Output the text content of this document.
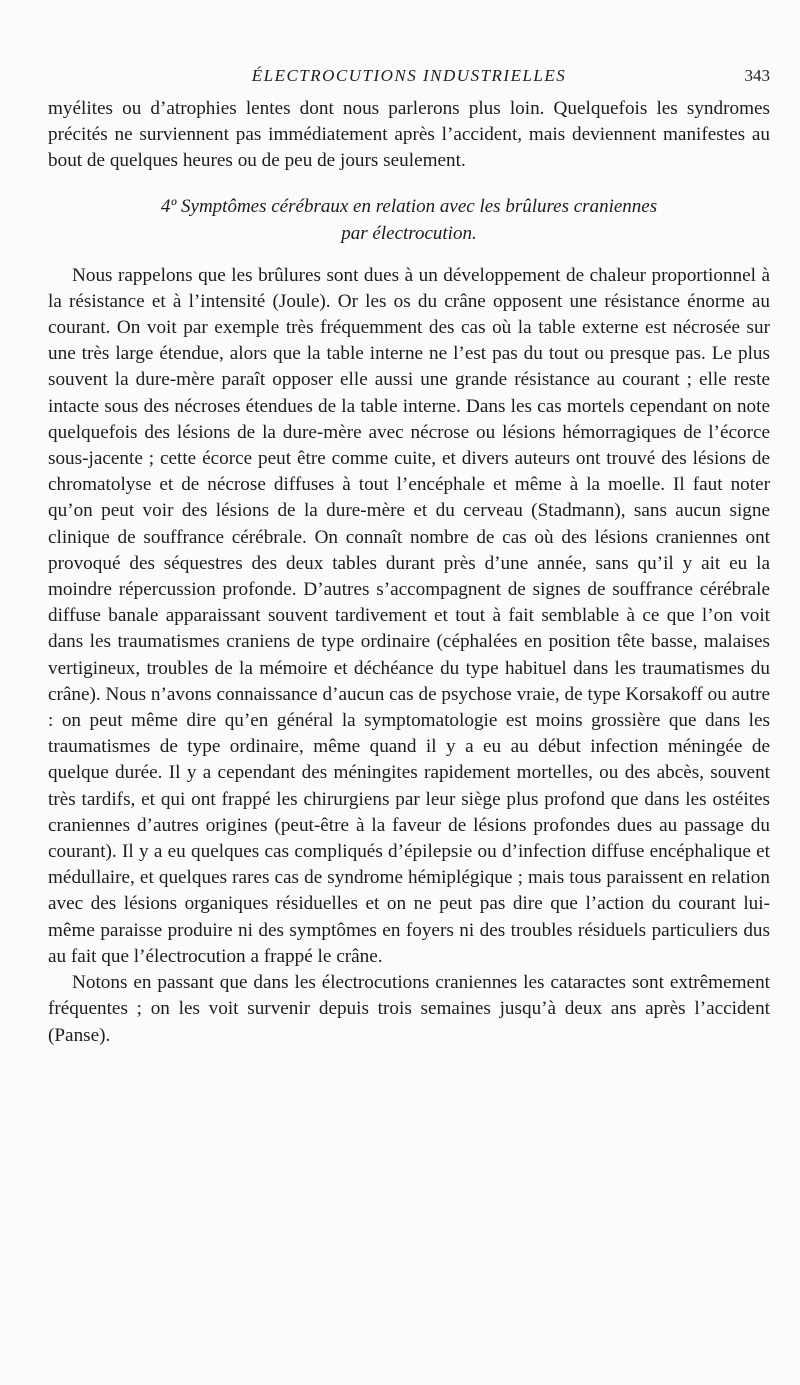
ÉLECTROCUTIONS INDUSTRIELLES	343

myélites ou d’atrophies lentes dont nous parlerons plus loin. Quelquefois les syndromes précités ne surviennent pas immédiatement après l’accident, mais deviennent manifestes au bout de quelques heures ou de peu de jours seulement.

4º Symptômes cérébraux en relation avec les brûlures craniennes
par électrocution.

Nous rappelons que les brûlures sont dues à un développement de chaleur proportionnel à la résistance et à l’intensité (Joule). Or les os du crâne opposent une résistance énorme au courant. On voit par exemple très fréquemment des cas où la table externe est nécrosée sur une très large étendue, alors que la table interne ne l’est pas du tout ou presque pas. Le plus souvent la dure-mère paraît opposer elle aussi une grande résistance au courant ; elle reste intacte sous des nécroses étendues de la table interne. Dans les cas mortels cependant on note quelquefois des lésions de la dure-mère avec nécrose ou lésions hémorragiques de l’écorce sous-jacente ; cette écorce peut être comme cuite, et divers auteurs ont trouvé des lésions de chromatolyse et de nécrose diffuses à tout l’encéphale et même à la moelle. Il faut noter qu’on peut voir des lésions de la dure-mère et du cerveau (Stadmann), sans aucun signe clinique de souffrance cérébrale. On connaît nombre de cas où des lésions craniennes ont provoqué des séquestres des deux tables durant près d’une année, sans qu’il y ait eu la moindre répercussion profonde. D’autres s’accompagnent de signes de souffrance cérébrale diffuse banale apparaissant souvent tardivement et tout à fait semblable à ce que l’on voit dans les traumatismes craniens de type ordinaire (céphalées en position tête basse, malaises vertigineux, troubles de la mémoire et déchéance du type habituel dans les traumatismes du crâne). Nous n’avons connaissance d’aucun cas de psychose vraie, de type Korsakoff ou autre : on peut même dire qu’en général la symptomatologie est moins grossière que dans les traumatismes de type ordinaire, même quand il y a eu au début infection méningée de quelque durée. Il y a cependant des méningites rapidement mortelles, ou des abcès, souvent très tardifs, et qui ont frappé les chirurgiens par leur siège plus profond que dans les ostéites craniennes d’autres origines (peut-être à la faveur de lésions profondes dues au passage du courant). Il y a eu quelques cas compliqués d’épilepsie ou d’infection diffuse encéphalique et médullaire, et quelques rares cas de syndrome hémiplégique ; mais tous paraissent en relation avec des lésions organiques résiduelles et on ne peut pas dire que l’action du courant lui-même paraisse produire ni des symptômes en foyers ni des troubles résiduels particuliers dus au fait que l’électrocution a frappé le crâne.

Notons en passant que dans les électrocutions craniennes les cataractes sont extrêmement fréquentes ; on les voit survenir depuis trois semaines jusqu’à deux ans après l’accident (Panse).
